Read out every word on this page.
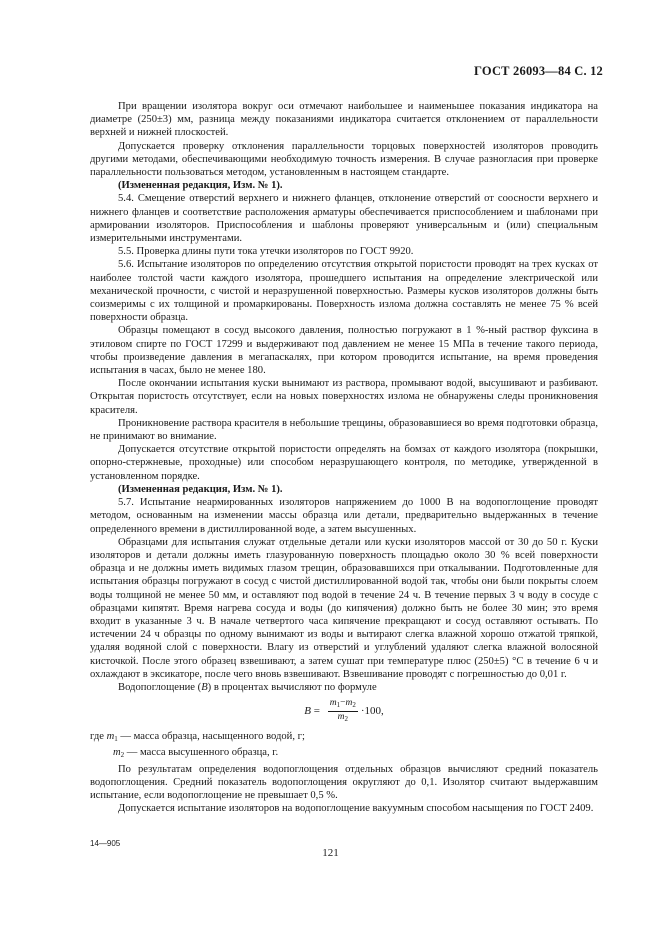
ГОСТ 26093—84 С. 12

При вращении изолятора вокруг оси отмечают наибольшее и наименьшее показания индикатора на диаметре (250±3) мм, разница между показаниями индикатора считается отклонением от параллельности верхней и нижней плоскостей.

Допускается проверку отклонения параллельности торцовых поверхностей изоляторов проводить другими методами, обеспечивающими необходимую точность измерения. В случае разногласия при проверке параллельности пользоваться методом, установленным в настоящем стандарте.

(Измененная редакция, Изм. № 1).

5.4. Смещение отверстий верхнего и нижнего фланцев, отклонение отверстий от соосности верхнего и нижнего фланцев и соответствие расположения арматуры обеспечивается приспособлением и шаблонами при армировании изоляторов. Приспособления и шаблоны проверяют универсальным и (или) специальным измерительными инструментами.

5.5. Проверка длины пути тока утечки изоляторов по ГОСТ 9920.

5.6. Испытание изоляторов по определению отсутствия открытой пористости проводят на трех кусках от наиболее толстой части каждого изолятора, прошедшего испытания на определение электрической или механической прочности, с чистой и неразрушенной поверхностью. Размеры кусков изоляторов должны быть соизмеримы с их толщиной и промаркированы. Поверхность излома должна составлять не менее 75 % всей поверхности образца.

Образцы помещают в сосуд высокого давления, полностью погружают в 1 %-ный раствор фуксина в этиловом спирте по ГОСТ 17299 и выдерживают под давлением не менее 15 МПа в течение такого периода, чтобы произведение давления в мегапаскалях, при котором проводится испытание, на время проведения испытания в часах, было не менее 180.

После окончании испытания куски вынимают из раствора, промывают водой, высушивают и разбивают. Открытая пористость отсутствует, если на новых поверхностях излома не обнаружены следы проникновения красителя.

Проникновение раствора красителя в небольшие трещины, образовавшиеся во время подготовки образца, не принимают во внимание.

Допускается отсутствие открытой пористости определять на бомзах от каждого изолятора (покрышки, опорно-стержневые, проходные) или способом неразрушающего контроля, по методике, утвержденной в установленном порядке.

(Измененная редакция, Изм. № 1).

5.7. Испытание неармированных изоляторов напряжением до 1000 В на водопоглощение проводят методом, основанным на изменении массы образца или детали, предварительно выдержанных в течение определенного времени в дистиллированной воде, а затем высушенных.

Образцами для испытания служат отдельные детали или куски изоляторов массой от 30 до 50 г. Куски изоляторов и детали должны иметь глазурованную поверхность площадью около 30 % всей поверхности образца и не должны иметь видимых глазом трещин, образовавшихся при откалывании. Подготовленные для испытания образцы погружают в сосуд с чистой дистиллированной водой так, чтобы они были покрыты слоем воды толщиной не менее 50 мм, и оставляют под водой в течение 24 ч. В течение первых 3 ч воду в сосуде с образцами кипятят. Время нагрева сосуда и воды (до кипячения) должно быть не более 30 мин; это время входит в указанные 3 ч. В начале четвертого часа кипячение прекращают и сосуд оставляют остывать. По истечении 24 ч образцы по одному вынимают из воды и вытирают слегка влажной хорошо отжатой тряпкой, удаляя водяной слой с поверхности. Влагу из отверстий и углублений удаляют слегка влажной волосяной кисточкой. После этого образец взвешивают, а затем сушат при температуре плюс (250±5) °С в течение 6 ч и охлаждают в эксикаторе, после чего вновь взвешивают. Взвешивание проводят с погрешностью до 0,01 г.

Водопоглощение (B) в процентах вычисляют по формуле

$B = \frac{m_1-m_2}{m_2} \cdot 100$,

где $m_1$ — масса образца, насыщенного водой, г;

$m_2$ — масса высушенного образца, г.

По результатам определения водопоглощения отдельных образцов вычисляют средний показатель водопоглощения. Средний показатель водопоглощения округляют до 0,1. Изолятор считают выдержавшим испытание, если водопоглощение не превышает 0,5 %.

Допускается испытание изоляторов на водопоглощение вакуумным способом насыщения по ГОСТ 2409.

14—905
121
